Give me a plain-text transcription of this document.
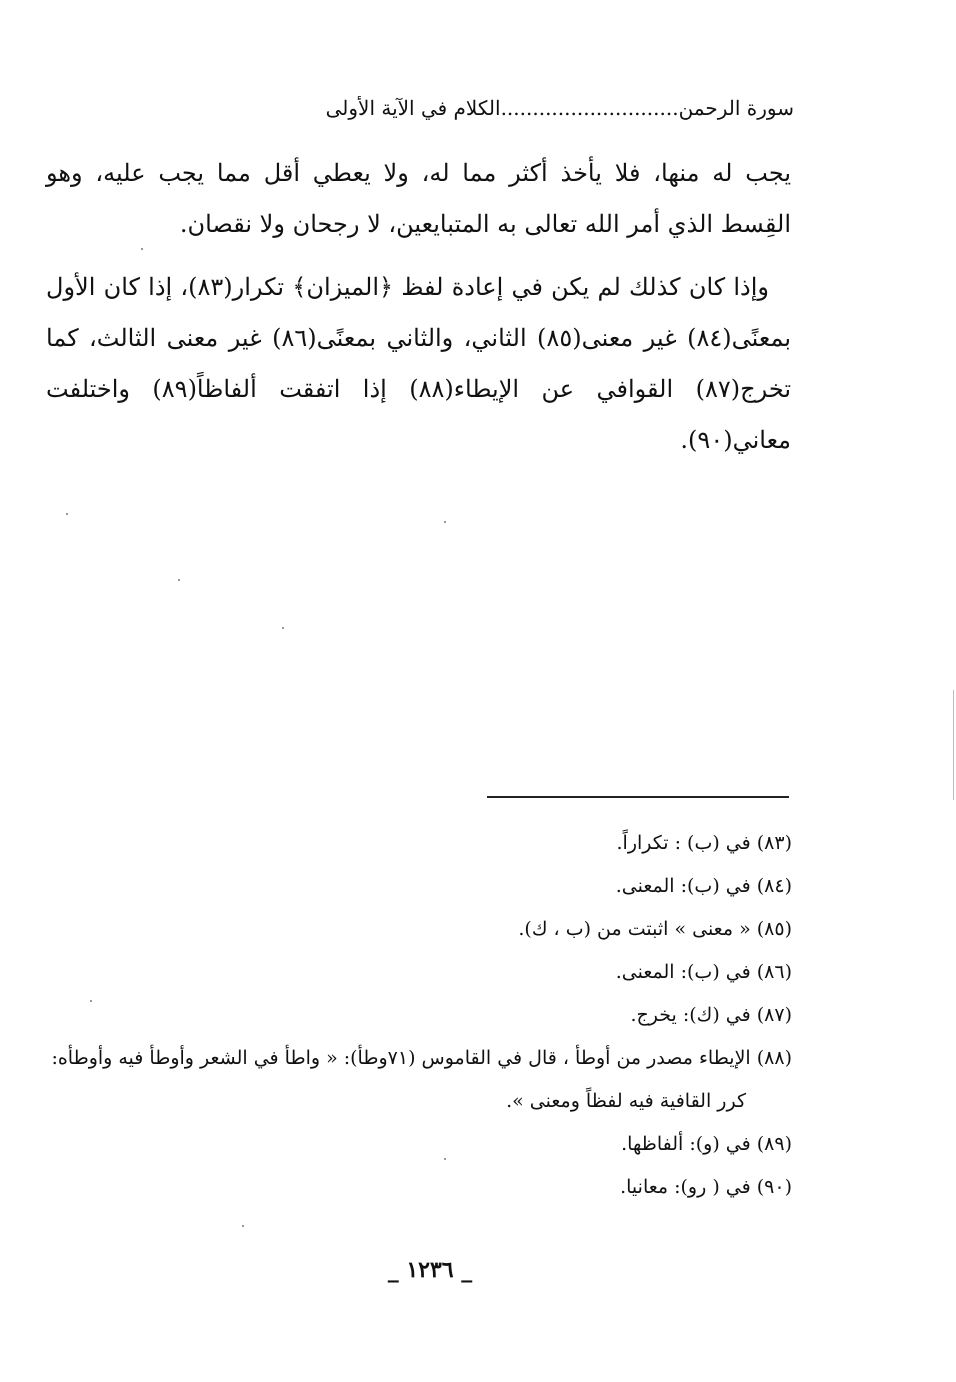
سورة الرحمن............................الكلام في الآية الأولى
يجب له منها، فلا يأخذ أكثر مما له، ولا يعطي أقل مما يجب عليه، وهو القِسط الذي أمر الله تعالى به المتبايعين، لا رجحان ولا نقصان.
وإذا كان كذلك لم يكن في إعادة لفظ ﴿الميزان﴾ تكرار(٨٣)، إذا كان الأول بمعنًى(٨٤) غير معنى(٨٥) الثاني، والثاني بمعنًى(٨٦) غير معنى الثالث، كما تخرج(٨٧) القوافي عن الإيطاء(٨٨) إذا اتفقت ألفاظاً(٨٩) واختلفت معاني(٩٠).
(٨٣) في (ب) : تكراراً.
(٨٤) في (ب): المعنى.
(٨٥) « معنى » اثبتت من (ب ، ك).
(٨٦) في (ب): المعنى.
(٨٧) في (ك): يخرج.
(٨٨) الإيطاء مصدر من أوطأ ، قال في القاموس (٧١وطأ): « واطأ في الشعر وأوطأ فيه وأوطأه:
كرر القافية فيه لفظاً ومعنى ».
(٨٩) في (و): ألفاظها.
(٩٠) في ( رو): معانيا.
_ ١٢٣٦ _
